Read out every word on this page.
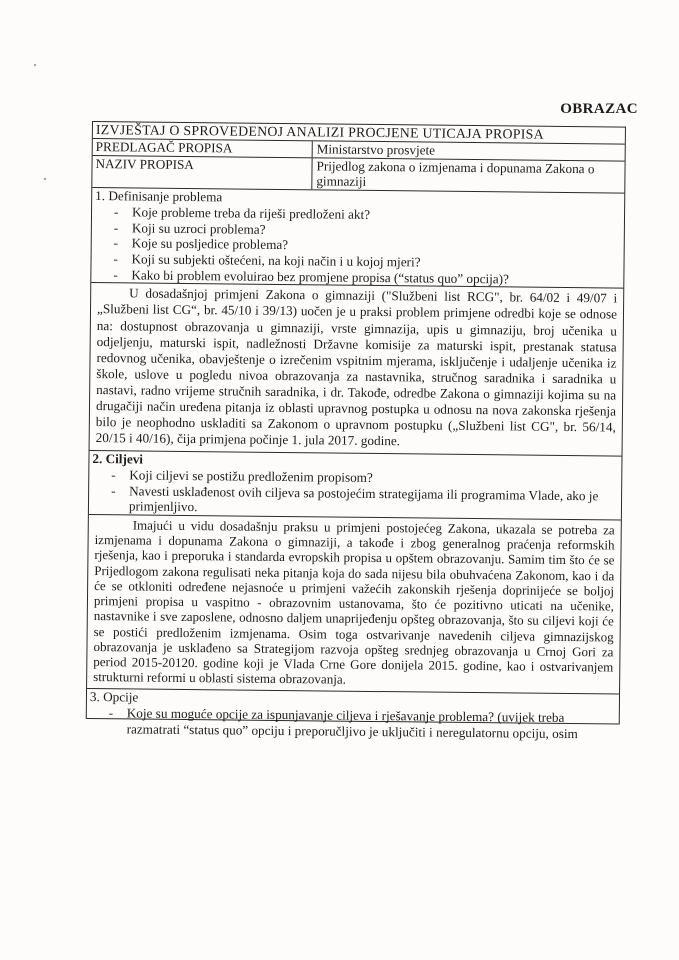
OBRAZAC
IZVJEŠTAJ O SPROVEDENOJ ANALIZI PROCJENE UTICAJA PROPISA
PREDLAGAČ PROPISA	Ministarstvo prosvjete
NAZIV PROPISA	Prijedlog zakona o izmjenama i dopunama Zakona o gimnaziji
1. Definisanje problema
- Koje probleme treba da riješi predloženi akt?
- Koji su uzroci problema?
- Koje su posljedice problema?
- Koji su subjekti oštećeni, na koji način i u kojoj mjeri?
- Kako bi problem evoluirao bez promjene propisa (“status quo” opcija)?
U dosadašnjoj primjeni Zakona o gimnaziji ("Službeni list RCG", br. 64/02 i 49/07 i „Službeni list CG“, br. 45/10 i 39/13) uočen je u praksi problem primjene odredbi koje se odnose na: dostupnost obrazovanja u gimnaziji, vrste gimnazija, upis u gimnaziju, broj učenika u odjeljenju, maturski ispit, nadležnosti Državne komisije za maturski ispit, prestanak statusa redovnog učenika, obavještenje o izrečenim vspitnim mjerama, isključenje i udaljenje učenika iz škole, uslove u pogledu nivoa obrazovanja za nastavnika, stručnog saradnika i saradnika u nastavi, radno vrijeme stručnih saradnika, i dr. Takođe, odredbe Zakona o gimnaziji kojima su na drugačiji način uređena pitanja iz oblasti upravnog postupka u odnosu na nova zakonska rješenja bilo je neophodno uskladiti sa Zakonom o upravnom postupku („Službeni list CG", br. 56/14, 20/15 i 40/16), čija primjena počinje 1. jula 2017. godine.
2. Ciljevi
- Koji ciljevi se postižu predloženim propisom?
- Navesti usklađenost ovih ciljeva sa postojećim strategijama ili programima Vlade, ako je primjenljivo.
Imajući u vidu dosadašnju praksu u primjeni postojećeg Zakona, ukazala se potreba za izmjenama i dopunama Zakona o gimnaziji, a takođe i zbog generalnog praćenja reformskih rješenja, kao i preporuka i standarda evropskih propisa u opštem obrazovanju. Samim tim što će se Prijedlogom zakona regulisati neka pitanja koja do sada nijesu bila obuhvaćena Zakonom, kao i da će se otkloniti određene nejasnoće u primjeni važećih zakonskih rješenja doprinijeće se boljoj primjeni propisa u vaspitno - obrazovnim ustanovama, što će pozitivno uticati na učenike, nastavnike i sve zaposlene, odnosno daljem unaprijeđenju opšteg obrazovanja, što su ciljevi koji će se postići predloženim izmjenama. Osim toga ostvarivanje navedenih ciljeva gimnazijskog obrazovanja je usklađeno sa Strategijom razvoja opšteg srednjeg obrazovanja u Crnoj Gori za period 2015-20120. godine koji je Vlada Crne Gore donijela 2015. godine, kao i ostvarivanjem strukturni reformi u oblasti sistema obrazovanja.
3. Opcije
- Koje su moguće opcije za ispunjavanje ciljeva i rješavanje problema? (uvijek treba razmatrati “status quo” opciju i preporučljivo je uključiti i neregulatornu opciju, osim
